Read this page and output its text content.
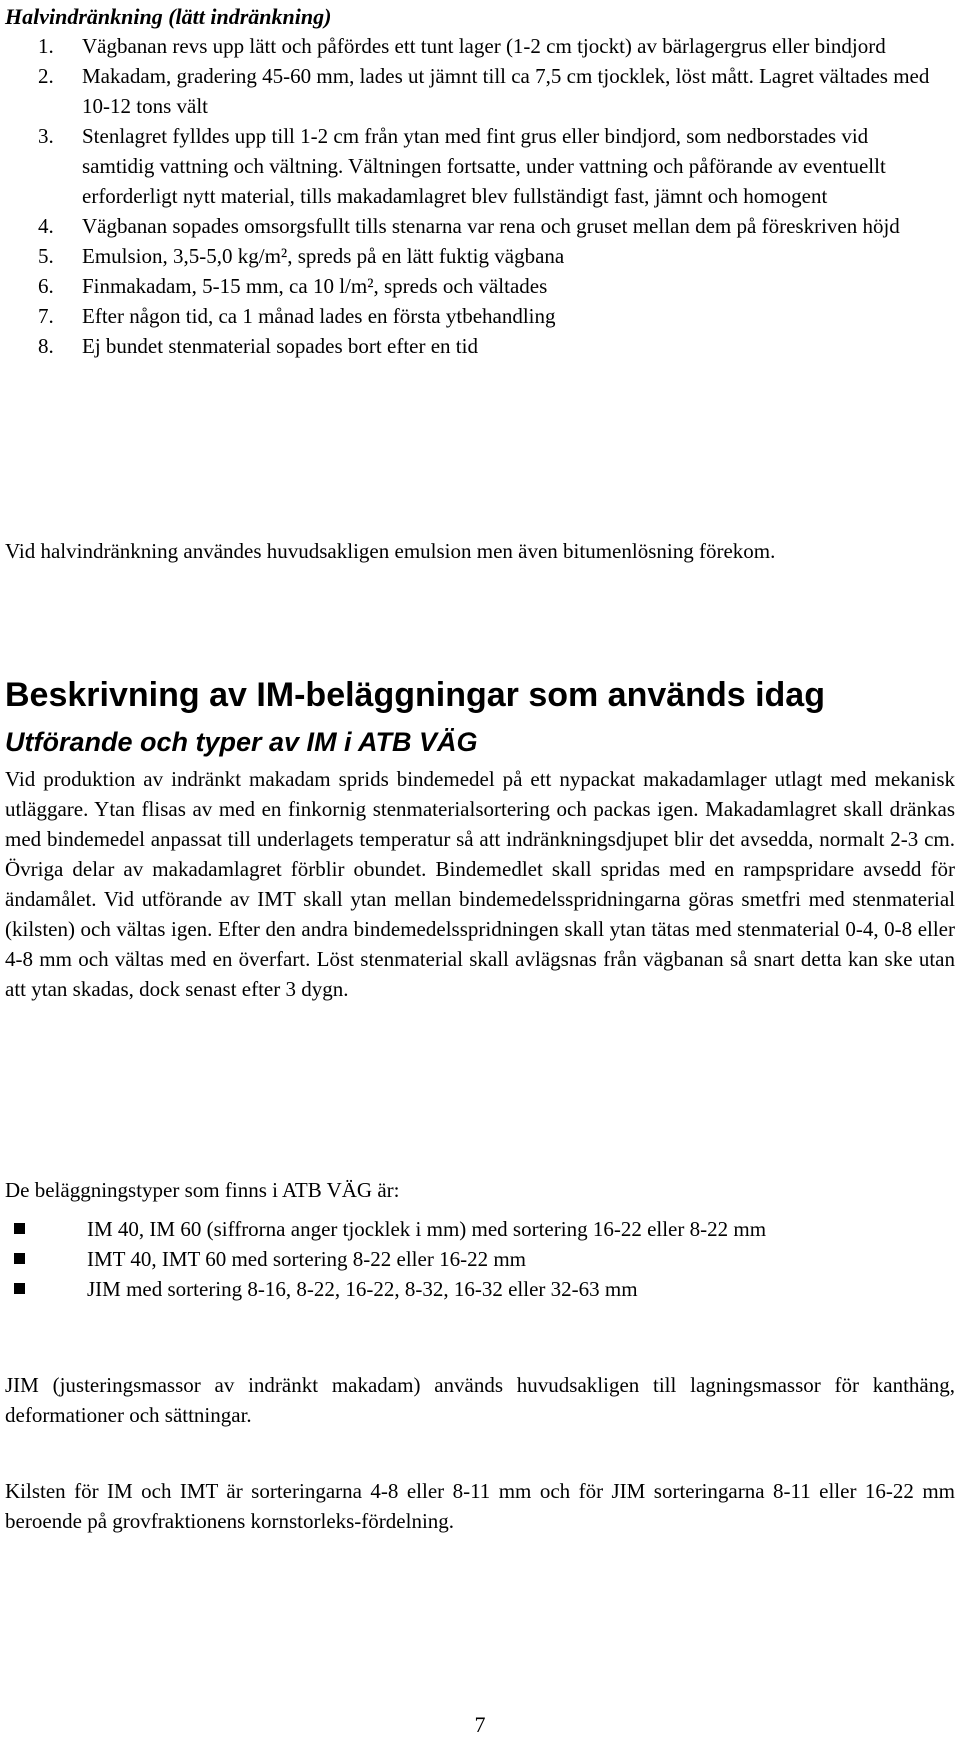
Halvindränkning (lätt indränkning)
1. Vägbanan revs upp lätt och påfördes ett tunt lager (1-2 cm tjockt) av bärlagergrus eller bindjord
2. Makadam, gradering 45-60 mm, lades ut jämnt till ca 7,5 cm tjocklek, löst mått. Lagret vältades med 10-12 tons vält
3. Stenlagret fylldes upp till 1-2 cm från ytan med fint grus eller bindjord, som nedborstades vid samtidig vattning och vältning. Vältningen fortsatte, under vattning och påförande av eventuellt erforderligt nytt material, tills makadamlagret blev fullständigt fast, jämnt och homogent
4. Vägbanan sopades omsorgsfullt tills stenarna var rena och gruset mellan dem på föreskriven höjd
5. Emulsion, 3,5-5,0 kg/m², spreds på en lätt fuktig vägbana
6. Finmakadam, 5-15 mm, ca 10 l/m², spreds och vältades
7. Efter någon tid, ca 1 månad lades en första ytbehandling
8. Ej bundet stenmaterial sopades bort efter en tid

Vid halvindränkning användes huvudsakligen emulsion men även bitumenlösning förekom.

Beskrivning av IM-beläggningar som används idag
Utförande och typer av IM i ATB VÄG

Vid produktion av indränkt makadam sprids bindemedel på ett nypackat makadamlager utlagt med mekanisk utläggare. Ytan flisas av med en finkornig stenmaterialsortering och packas igen. Makadamlagret skall dränkas med bindemedel anpassat till underlagets temperatur så att indränkningsdjupet blir det avsedda, normalt 2-3 cm. Övriga delar av makadamlagret förblir obundet. Bindemedlet skall spridas med en rampspridare avsedd för ändamålet. Vid utförande av IMT skall ytan mellan bindemedelsspridningarna göras smetfri med stenmaterial (kilsten) och vältas igen. Efter den andra bindemedelsspridningen skall ytan tätas med stenmaterial 0-4, 0-8 eller 4-8 mm och vältas med en överfart. Löst stenmaterial skall avlägsnas från vägbanan så snart detta kan ske utan att ytan skadas, dock senast efter 3 dygn.

De beläggningstyper som finns i ATB VÄG är:

IM 40, IM 60 (siffrorna anger tjocklek i mm) med sortering 16-22 eller 8-22 mm
IMT 40, IMT 60 med sortering 8-22 eller 16-22 mm
JIM med sortering 8-16, 8-22, 16-22, 8-32, 16-32 eller 32-63 mm

JIM (justeringsmassor av indränkt makadam) används huvudsakligen till lagningsmassor för kanthäng, deformationer och sättningar.

Kilsten för IM och IMT är sorteringarna 4-8 eller 8-11 mm och för JIM sorteringarna 8-11 eller 16-22 mm beroende på grovfraktionens kornstorleks-fördelning.

7
